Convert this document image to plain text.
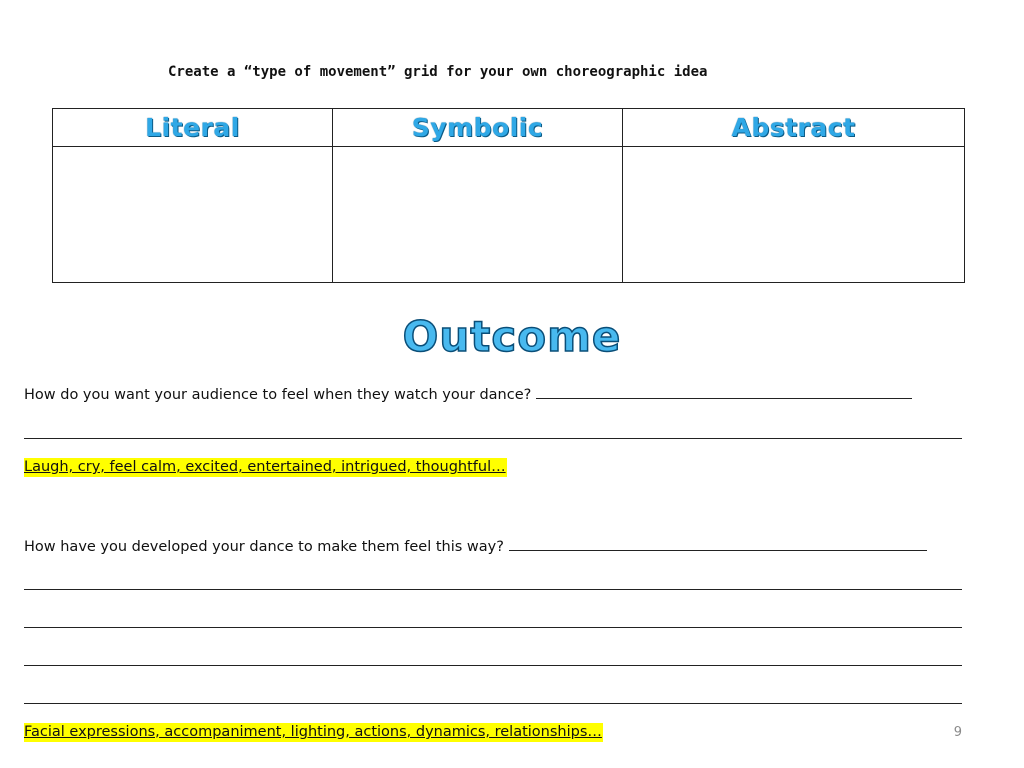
Create a “type of movement” grid for your own choreographic idea
Literal	Symbolic	Abstract

Outcome
How do you want your audience to feel when they watch your dance?
Laugh, cry, feel calm, excited, entertained, intrigued, thoughtful…
How have you developed your dance to make them feel this way?
Facial expressions, accompaniment, lighting, actions, dynamics, relationships…	9
